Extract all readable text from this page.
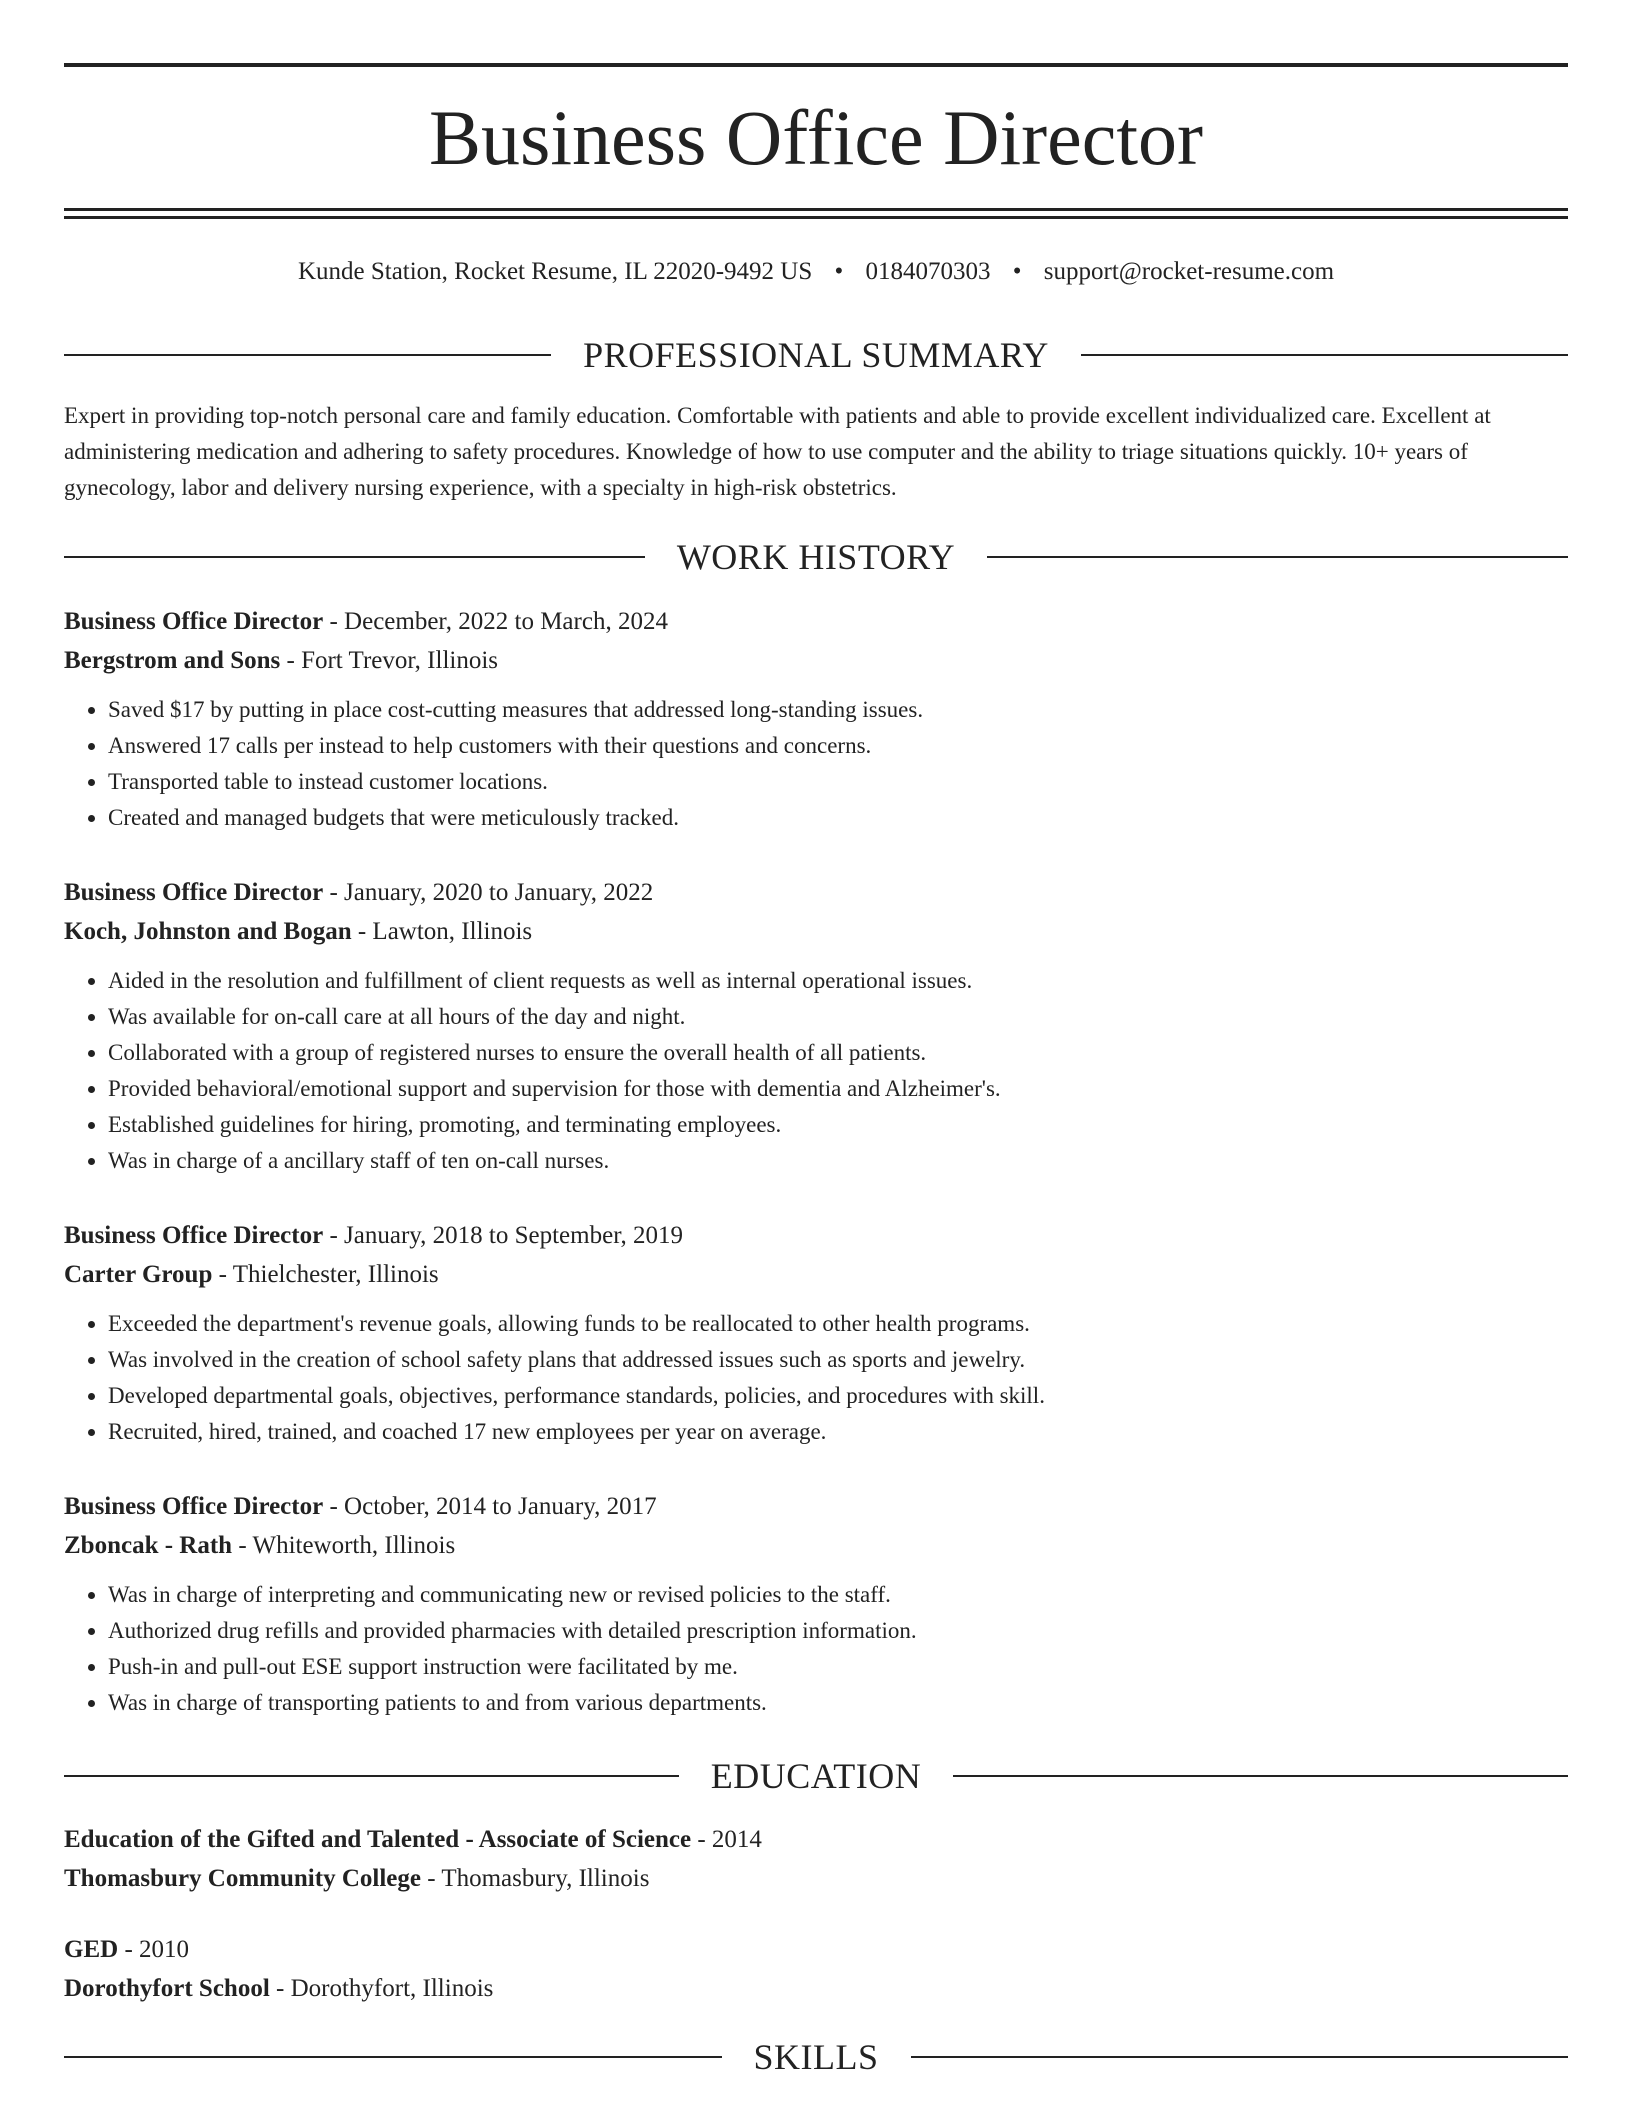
Business Office Director
Kunde Station, Rocket Resume, IL 22020-9492 US • 0184070303 • support@rocket-resume.com
PROFESSIONAL SUMMARY
Expert in providing top-notch personal care and family education. Comfortable with patients and able to provide excellent individualized care. Excellent at administering medication and adhering to safety procedures. Knowledge of how to use computer and the ability to triage situations quickly. 10+ years of gynecology, labor and delivery nursing experience, with a specialty in high-risk obstetrics.
WORK HISTORY
Business Office Director - December, 2022 to March, 2024
Bergstrom and Sons - Fort Trevor, Illinois
• Saved $17 by putting in place cost-cutting measures that addressed long-standing issues.
• Answered 17 calls per instead to help customers with their questions and concerns.
• Transported table to instead customer locations.
• Created and managed budgets that were meticulously tracked.
Business Office Director - January, 2020 to January, 2022
Koch, Johnston and Bogan - Lawton, Illinois
• Aided in the resolution and fulfillment of client requests as well as internal operational issues.
• Was available for on-call care at all hours of the day and night.
• Collaborated with a group of registered nurses to ensure the overall health of all patients.
• Provided behavioral/emotional support and supervision for those with dementia and Alzheimer's.
• Established guidelines for hiring, promoting, and terminating employees.
• Was in charge of a ancillary staff of ten on-call nurses.
Business Office Director - January, 2018 to September, 2019
Carter Group - Thielchester, Illinois
• Exceeded the department's revenue goals, allowing funds to be reallocated to other health programs.
• Was involved in the creation of school safety plans that addressed issues such as sports and jewelry.
• Developed departmental goals, objectives, performance standards, policies, and procedures with skill.
• Recruited, hired, trained, and coached 17 new employees per year on average.
Business Office Director - October, 2014 to January, 2017
Zboncak - Rath - Whiteworth, Illinois
• Was in charge of interpreting and communicating new or revised policies to the staff.
• Authorized drug refills and provided pharmacies with detailed prescription information.
• Push-in and pull-out ESE support instruction were facilitated by me.
• Was in charge of transporting patients to and from various departments.
EDUCATION
Education of the Gifted and Talented - Associate of Science - 2014
Thomasbury Community College - Thomasbury, Illinois
GED - 2010
Dorothyfort School - Dorothyfort, Illinois
SKILLS
